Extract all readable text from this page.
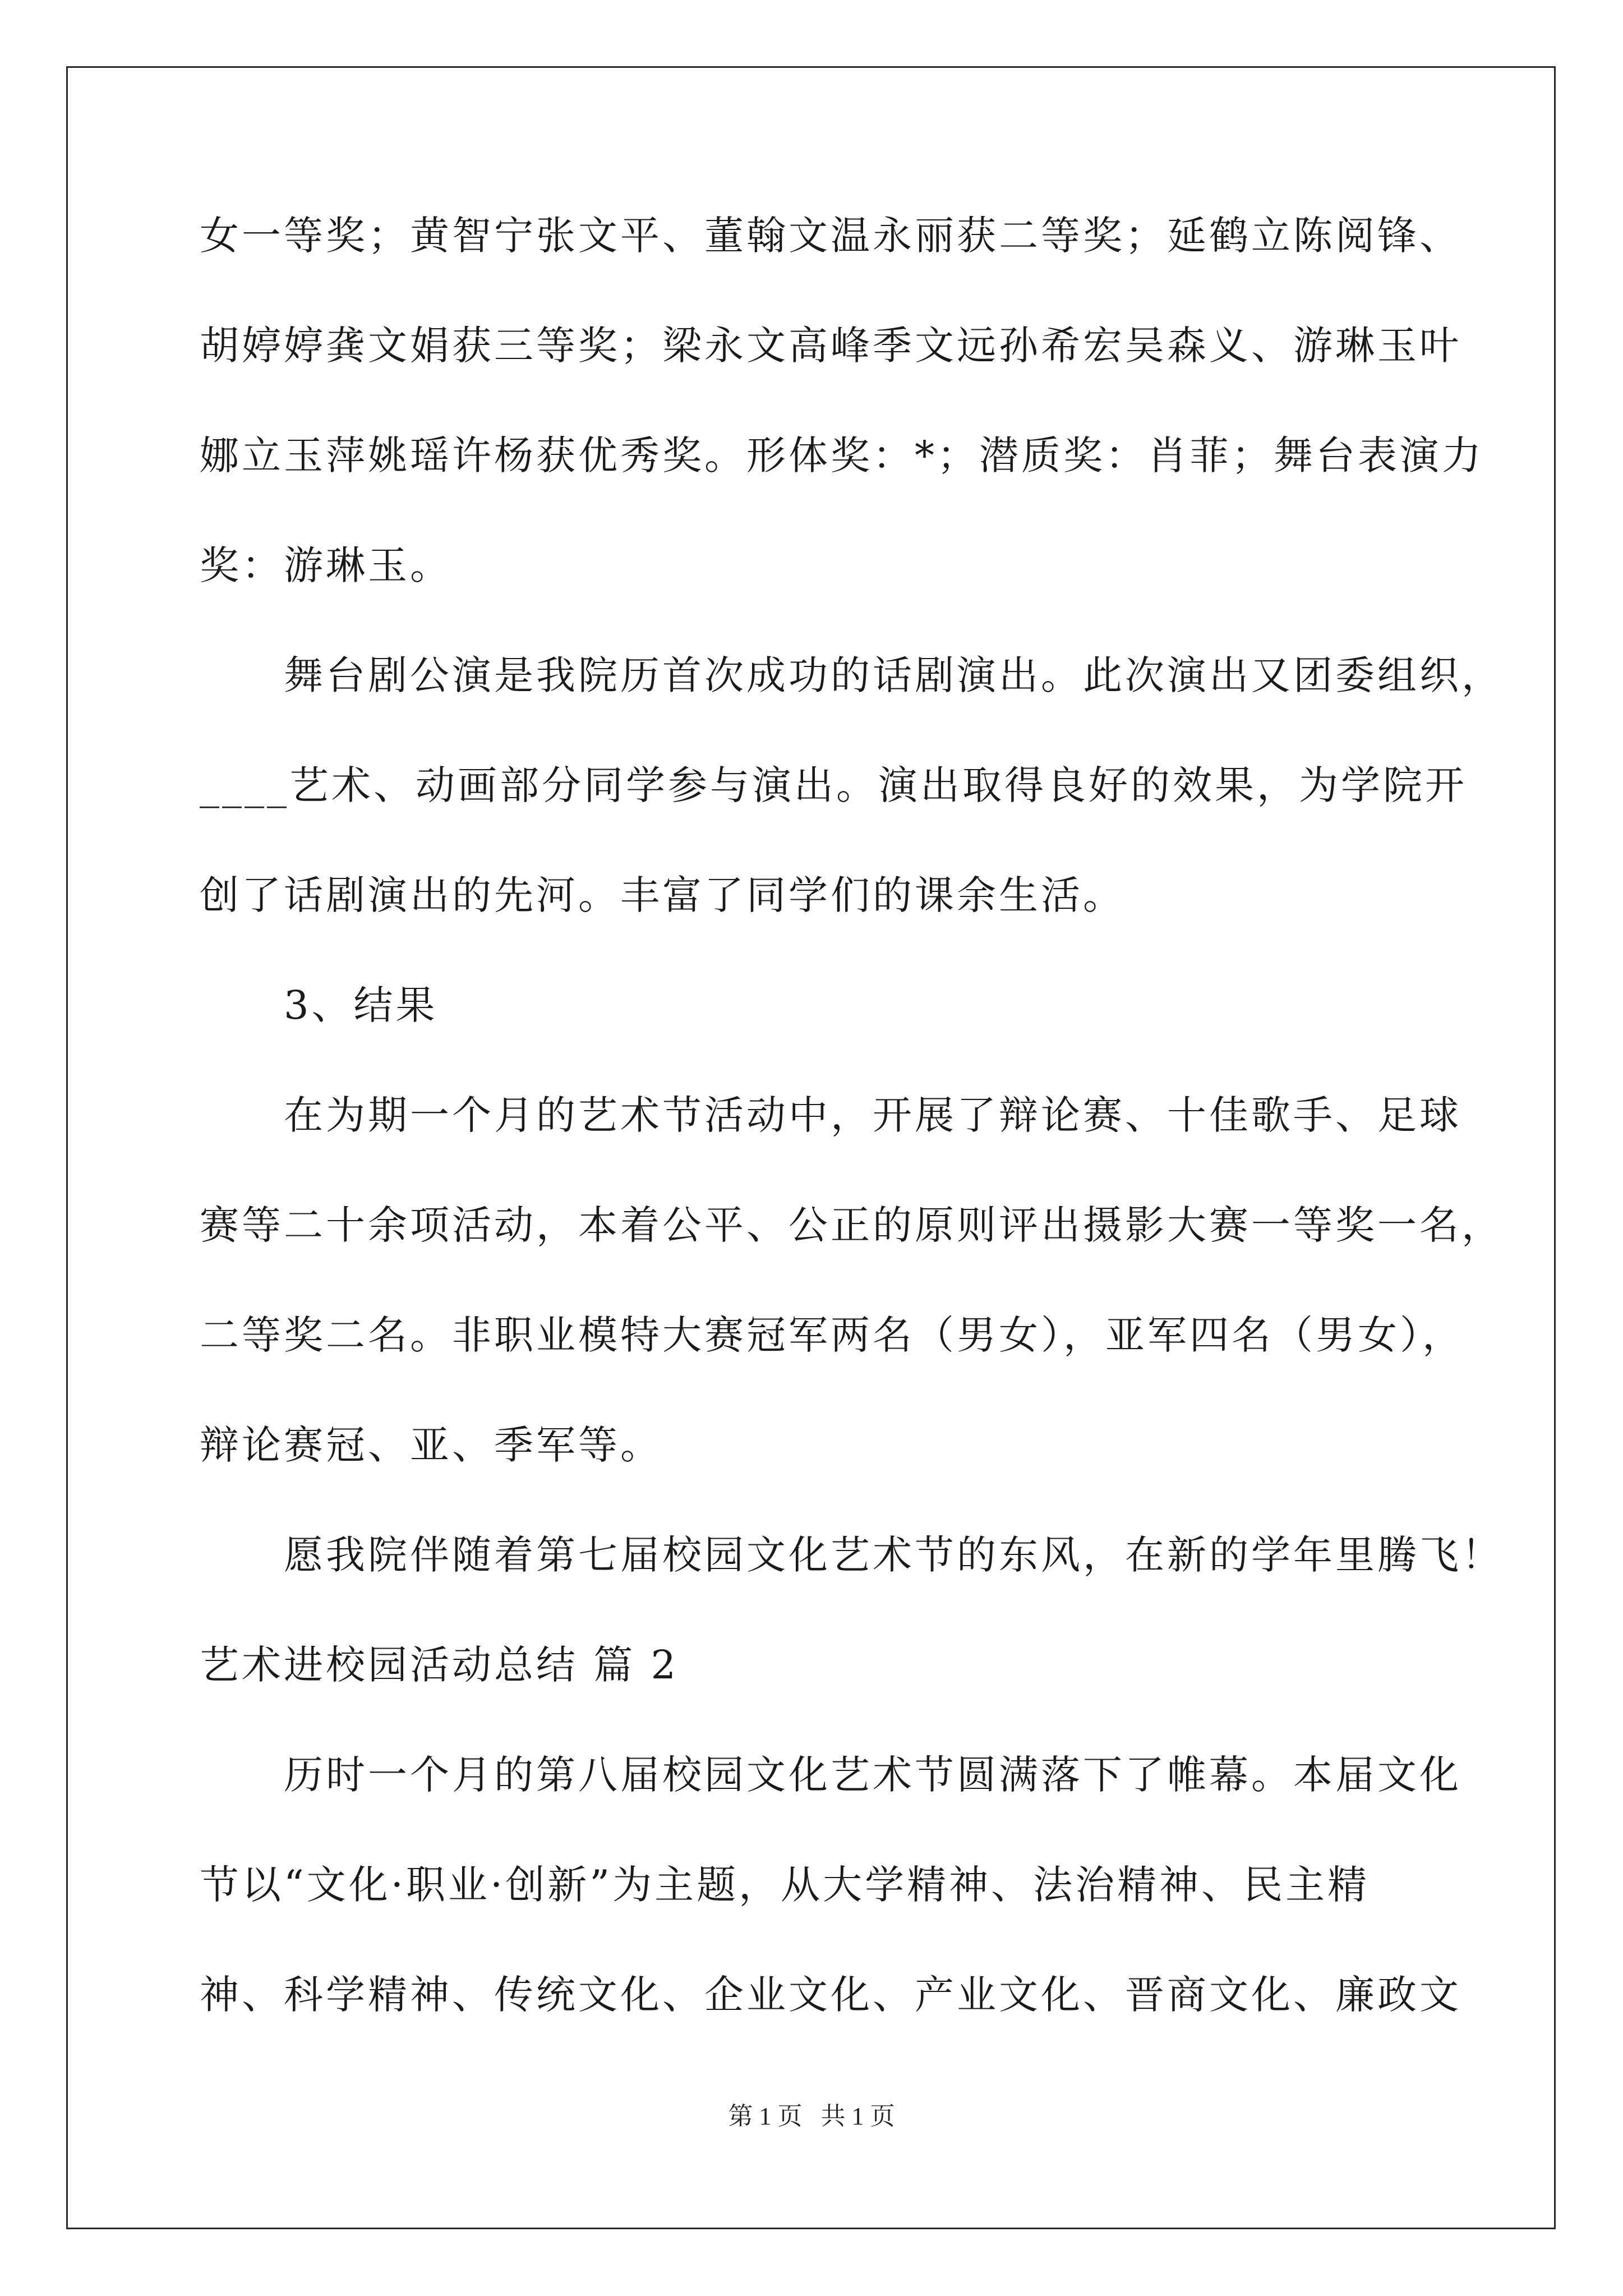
女一等奖；黄智宁张文平、董翰文温永丽获二等奖；延鹤立陈阅锋、
胡婷婷龚文娟获三等奖；梁永文高峰季文远孙希宏吴森义、游琳玉叶
娜立玉萍姚瑶许杨获优秀奖。形体奖：*；潜质奖：肖菲；舞台表演力
奖：游琳玉。
舞台剧公演是我院历首次成功的话剧演出。此次演出又团委组织，
____艺术、动画部分同学参与演出。演出取得良好的效果，为学院开
创了话剧演出的先河。丰富了同学们的课余生活。
3、结果
在为期一个月的艺术节活动中，开展了辩论赛、十佳歌手、足球
赛等二十余项活动，本着公平、公正的原则评出摄影大赛一等奖一名，
二等奖二名。非职业模特大赛冠军两名（男女），亚军四名（男女），
辩论赛冠、亚、季军等。
愿我院伴随着第七届校园文化艺术节的东风，在新的学年里腾飞！
艺术进校园活动总结 篇 2
历时一个月的第八届校园文化艺术节圆满落下了帷幕。本届文化
节以“文化·职业·创新”为主题，从大学精神、法治精神、民主精
神、科学精神、传统文化、企业文化、产业文化、晋商文化、廉政文
第 1 页   共 1 页
